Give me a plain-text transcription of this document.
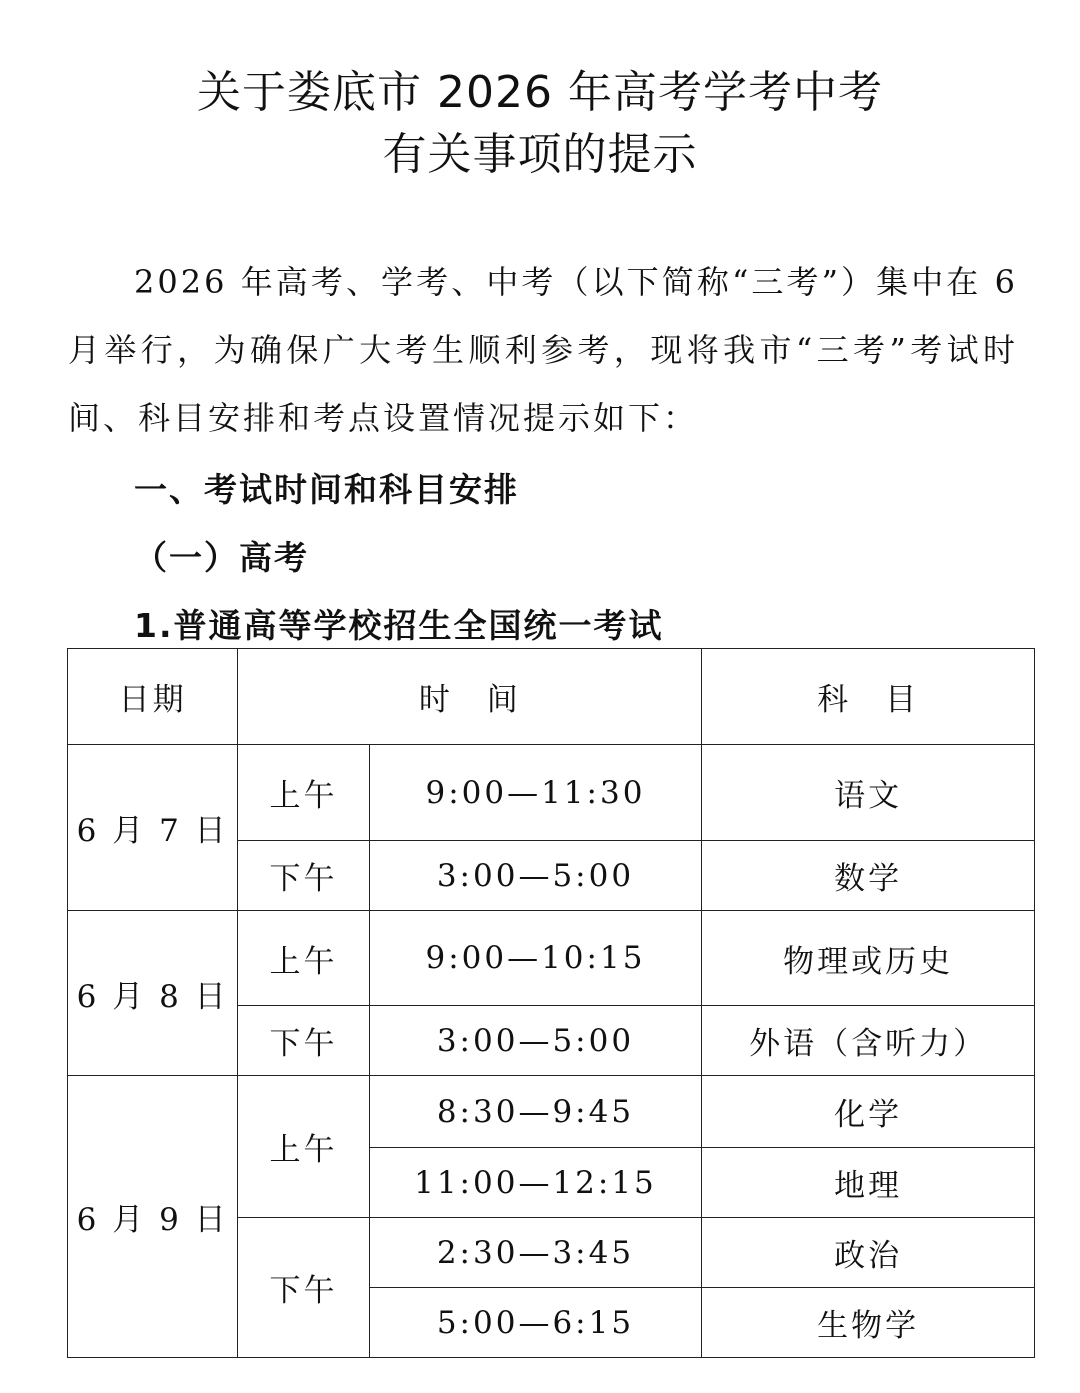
关于娄底市 2026 年高考学考中考
有关事项的提示

2026 年高考、学考、中考（以下简称“三考”）集中在 6 月举行，为确保广大考生顺利参考，现将我市“三考”考试时间、科目安排和考点设置情况提示如下：

一、考试时间和科目安排
（一）高考
1.普通高等学校招生全国统一考试
日期	时　间		科　目
6 月 7 日	上午	9:00—11:30	语文
	下午	3:00—5:00	数学
6 月 8 日	上午	9:00—10:15	物理或历史
	下午	3:00—5:00	外语（含听力）
6 月 9 日	上午	8:30—9:45	化学
		11:00—12:15	地理
	下午	2:30—3:45	政治
		5:00—6:15	生物学
